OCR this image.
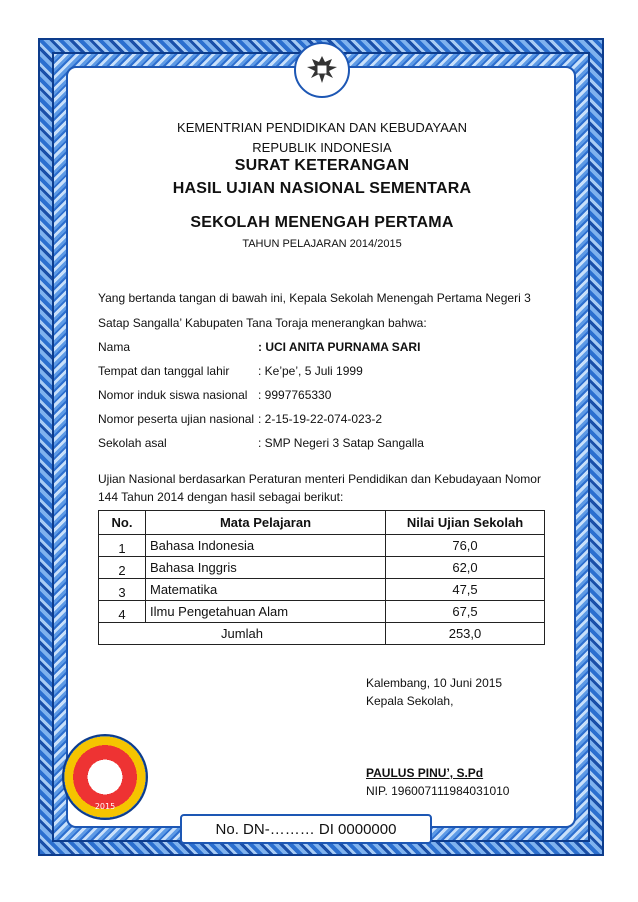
2015
KEMENTRIAN PENDIDIKAN DAN KEBUDAYAAN
REPUBLIK INDONESIA
SURAT KETERANGAN
HASIL UJIAN NASIONAL SEMENTARA
SEKOLAH MENENGAH PERTAMA
TAHUN PELAJARAN 2014/2015
Yang bertanda tangan di bawah ini, Kepala Sekolah Menengah Pertama Negeri 3
Satap Sangalla’ Kabupaten Tana Toraja menerangkan bahwa:
Nama	: UCI ANITA PURNAMA SARI
Tempat dan tanggal lahir : Ke’pe’, 5 Juli 1999
Nomor induk siswa nasional : 9997765330
Nomor peserta ujian nasional : 2-15-19-22-074-023-2
Sekolah asal	: SMP Negeri 3 Satap Sangalla
Ujian Nasional berdasarkan Peraturan menteri Pendidikan dan Kebudayaan Nomor
144 Tahun 2014 dengan hasil sebagai berikut:
No.	Mata Pelajaran	Nilai Ujian Sekolah
1	Bahasa Indonesia	76,0
2	Bahasa Inggris	62,0
3	Matematika	47,5
4	Ilmu Pengetahuan Alam	67,5
Jumlah		253,0
Kalembang, 10 Juni 2015
Kepala Sekolah,
PAULUS PINU’, S.Pd
NIP. 196007111984031010
No. DN-……… DI 0000000
